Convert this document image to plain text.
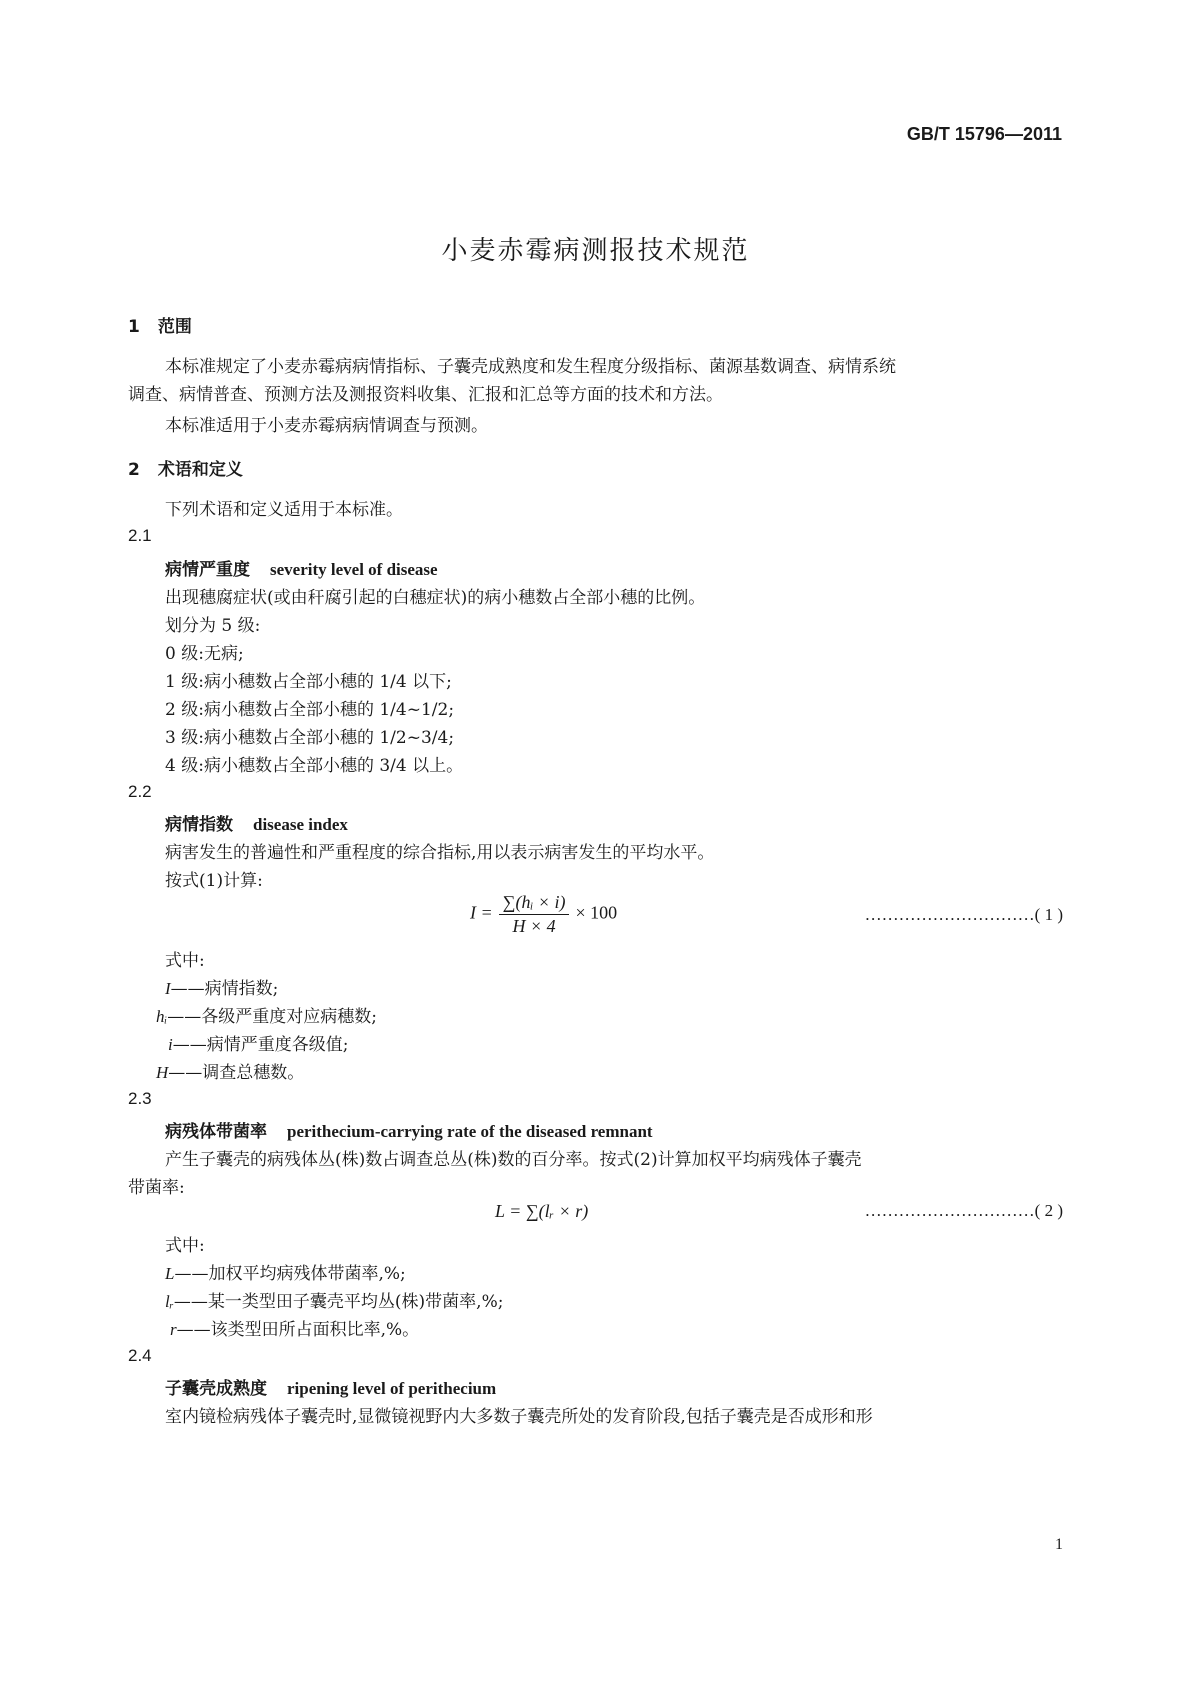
GB/T 15796—2011
小麦赤霉病测报技术规范
1 范围
本标准规定了小麦赤霉病病情指标、子囊壳成熟度和发生程度分级指标、菌源基数调查、病情系统
调查、病情普查、预测方法及测报资料收集、汇报和汇总等方面的技术和方法。
本标准适用于小麦赤霉病病情调查与预测。
2 术语和定义
下列术语和定义适用于本标准。
2.1
病情严重度 severity level of disease
出现穗腐症状(或由秆腐引起的白穗症状)的病小穗数占全部小穗的比例。
划分为 5 级:
0 级:无病;
1 级:病小穗数占全部小穗的 1/4 以下;
2 级:病小穗数占全部小穗的 1/4~1/2;
3 级:病小穗数占全部小穗的 1/2~3/4;
4 级:病小穗数占全部小穗的 3/4 以上。
2.2
病情指数 disease index
病害发生的普遍性和严重程度的综合指标,用以表示病害发生的平均水平。
按式(1)计算:
$I = \frac{\text{∑(hᵢ × i)}}{H \times 4} \times 100$	…………………………( 1 )
式中:
I——病情指数;
hᵢ——各级严重度对应病穗数;
i——病情严重度各级值;
H——调查总穗数。
2.3
病残体带菌率 perithecium-carrying rate of the diseased remnant
产生子囊壳的病残体丛(株)数占调查总丛(株)数的百分率。按式(2)计算加权平均病残体子囊壳
带菌率:
L = ∑(lᵣ × r)	…………………………( 2 )
式中:
L——加权平均病残体带菌率,%;
lᵣ——某一类型田子囊壳平均丛(株)带菌率,%;
r——该类型田所占面积比率,%。
2.4
子囊壳成熟度 ripening level of perithecium
室内镜检病残体子囊壳时,显微镜视野内大多数子囊壳所处的发育阶段,包括子囊壳是否成形和形
1
